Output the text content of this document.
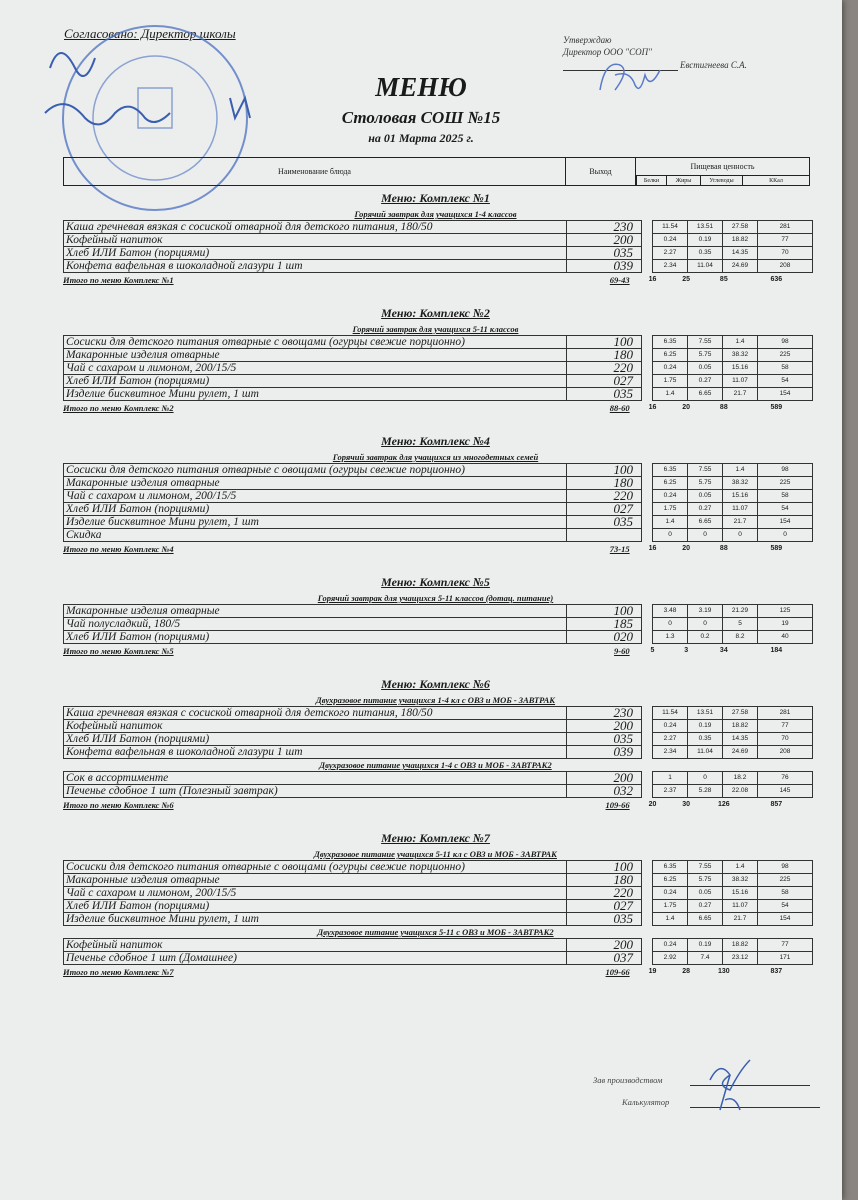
Согласовано: Директор школы	Утверждаю
Директор ООО "СОП"
Евстигнеева С.А.
МЕНЮ
Столовая СОШ №15
на 01 Марта 2025 г.
Наименование блюда	Выход
Пищевая ценность
Белки	Жиры	Углеводы	ККал
Меню: Комплекс №1
Горячий завтрак для учащихся 1-4 классов
Каша гречневая вязкая с сосиской отварной для детского питания, 180/50	230		11.54	13.51	27.58	281
Кофейный напиток	200		0.24	0.19	18.82	77
Хлеб ИЛИ Батон (порциями)	035		2.27	0.35	14.35	70
Конфета вафельная в шоколадной глазури 1 шт	039		2.34	11.04	24.69	208
Итого по меню Комплекс №1	69-43	16	25	85	636
Меню: Комплекс №2
Горячий завтрак для учащихся 5-11 классов
Сосиски для детского питания отварные с овощами (огурцы свежие порционно)	100		6.35	7.55	1.4	98
Макаронные изделия отварные	180		6.25	5.75	38.32	225
Чай с сахаром и лимоном, 200/15/5	220		0.24	0.05	15.16	58
Хлеб ИЛИ Батон (порциями)	027		1.75	0.27	11.07	54
Изделие бисквитное Мини рулет, 1 шт	035		1.4	6.65	21.7	154
Итого по меню Комплекс №2	88-60	16	20	88	589
Меню: Комплекс №4
Горячий завтрак для учащихся из многодетных семей
Сосиски для детского питания отварные с овощами (огурцы свежие порционно)	100		6.35	7.55	1.4	98
Макаронные изделия отварные	180		6.25	5.75	38.32	225
Чай с сахаром и лимоном, 200/15/5	220		0.24	0.05	15.16	58
Хлеб ИЛИ Батон (порциями)	027		1.75	0.27	11.07	54
Изделие бисквитное Мини рулет, 1 шт	035		1.4	6.65	21.7	154
Скидка			0	0	0	0
Итого по меню Комплекс №4	73-15	16	20	88	589
Меню: Комплекс №5
Горячий завтрак для учащихся 5-11 классов (дотац. питание)
Макаронные изделия отварные	100		3.48	3.19	21.29	125
Чай полусладкий, 180/5	185		0	0	5	19
Хлеб ИЛИ Батон (порциями)	020		1.3	0.2	8.2	40
Итого по меню Комплекс №5	9-60	5	3	34	184
Меню: Комплекс №6
Двухразовое питание учащихся 1-4 кл с ОВЗ и МОБ - ЗАВТРАК
Каша гречневая вязкая с сосиской отварной для детского питания, 180/50	230		11.54	13.51	27.58	281
Кофейный напиток	200		0.24	0.19	18.82	77
Хлеб ИЛИ Батон (порциями)	035		2.27	0.35	14.35	70
Конфета вафельная в шоколадной глазури 1 шт	039		2.34	11.04	24.69	208
Двухразовое питание учащихся 1-4 с ОВЗ и МОБ - ЗАВТРАК2
Сок в ассортименте	200		1	0	18.2	76
Печенье сдобное 1 шт (Полезный завтрак)	032		2.37	5.28	22.08	145
Итого по меню Комплекс №6	109-66	20	30	126	857
Меню: Комплекс №7
Двухразовое питание учащихся 5-11 кл с ОВЗ и МОБ - ЗАВТРАК
Сосиски для детского питания отварные с овощами (огурцы свежие порционно)	100		6.35	7.55	1.4	98
Макаронные изделия отварные	180		6.25	5.75	38.32	225
Чай с сахаром и лимоном, 200/15/5	220		0.24	0.05	15.16	58
Хлеб ИЛИ Батон (порциями)	027		1.75	0.27	11.07	54
Изделие бисквитное Мини рулет, 1 шт	035		1.4	6.65	21.7	154
Двухразовое питание учащихся 5-11 с ОВЗ и МОБ - ЗАВТРАК2
Кофейный напиток	200		0.24	0.19	18.82	77
Печенье сдобное 1 шт (Домашнее)	037		2.92	7.4	23.12	171
Итого по меню Комплекс №7	109-66	19	28	130	837
Зав производством
Калькулятор
